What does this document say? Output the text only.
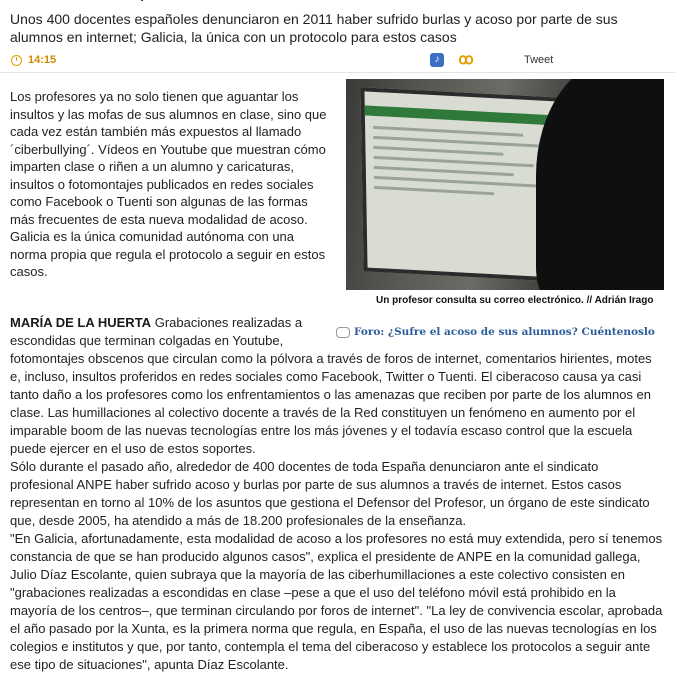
Unos 400 docentes españoles denunciaron en 2011 haber sufrido burlas y acoso por parte de sus alumnos en internet; Galicia, la única con un protocolo para estos casos
14:15	♪	ꝏ	Tweet
Los profesores ya no solo tienen que aguantar los insultos y las mofas de sus alumnos en clase, sino que cada vez están también más expuestos al llamado ´ciberbullying´. Vídeos en Youtube que muestran cómo imparten clase o riñen a un alumno y caricaturas, insultos o fotomontajes publicados en redes sociales como Facebook o Tuenti son algunas de las formas más frecuentes de esta nueva modalidad de acoso. Galicia es la única comunidad autónoma con una norma propia que regula el protocolo a seguir en estos casos.
Un profesor consulta su correo electrónico. // Adrián Irago
Foro: ¿Sufre el acoso de sus alumnos? Cuéntenoslo

MARÍA DE LA HUERTA Grabaciones realizadas a escondidas que terminan colgadas en Youtube,

fotomontajes obscenos que circulan como la pólvora a través de foros de internet, comentarios hirientes, motes e, incluso, insultos proferidos en redes sociales como Facebook, Twitter o Tuenti. El ciberacoso causa ya casi tanto daño a los profesores como los enfrentamientos o las amenazas que reciben por parte de los alumnos en clase. Las humillaciones al colectivo docente a través de la Red constituyen un fenómeno en aumento por el imparable boom de las nuevas tecnologías entre los más jóvenes y el todavía escaso control que la escuela puede ejercer en el uso de estos soportes.

Sólo durante el pasado año, alrededor de 400 docentes de toda España denunciaron ante el sindicato profesional ANPE haber sufrido acoso y burlas por parte de sus alumnos a través de internet. Estos casos representan en torno al 10% de los asuntos que gestiona el Defensor del Profesor, un órgano de este sindicato que, desde 2005, ha atendido a más de 18.200 profesionales de la enseñanza.

"En Galicia, afortunadamente, esta modalidad de acoso a los profesores no está muy extendida, pero sí tenemos constancia de que se han producido algunos casos", explica el presidente de ANPE en la comunidad gallega, Julio Díaz Escolante, quien subraya que la mayoría de las ciberhumillaciones a este colectivo consisten en "grabaciones realizadas a escondidas en clase –pese a que el uso del teléfono móvil está prohibido en la mayoría de los centros–, que terminan circulando por foros de internet". "La ley de convivencia escolar, aprobada el año pasado por la Xunta, es la primera norma que regula, en España, el uso de las nuevas tecnologías en los colegios e institutos y que, por tanto, contempla el tema del ciberacoso y establece los protocolos a seguir ante ese tipo de situaciones", apunta Díaz Escolante.
